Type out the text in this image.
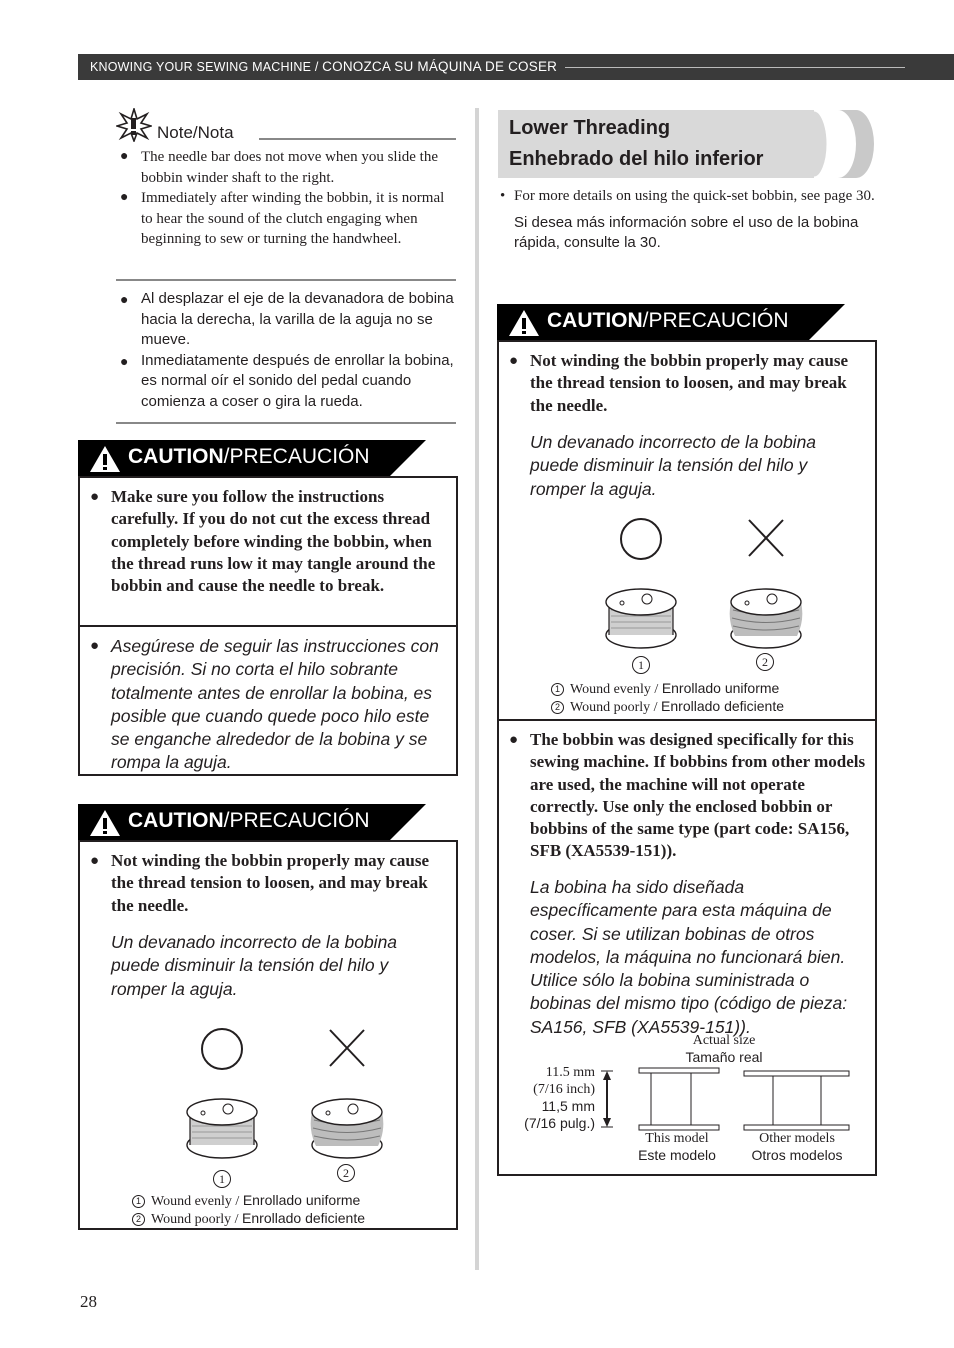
KNOWING YOUR SEWING MACHINE / CONOZCA SU MÁQUINA DE COSER
Note/Nota
● The needle bar does not move when you slide the bobbin winder shaft to the right.
● Immediately after winding the bobbin, it is normal to hear the sound of the clutch engaging when beginning to sew or turning the handwheel.
● Al desplazar el eje de la devanadora de bobina hacia la derecha, la varilla de la aguja no se mueve.
● Inmediatamente después de enrollar la bobina, es normal oír el sonido del pedal cuando comienza a coser o gira la rueda.
CAUTION/PRECAUCIÓN
● Make sure you follow the instructions carefully. If you do not cut the excess thread completely before winding the bobbin, when the thread runs low it may tangle around the bobbin and cause the needle to break.
● Asegúrese de seguir las instrucciones con precisión. Si no corta el hilo sobrante totalmente antes de enrollar la bobina, es posible que cuando quede poco hilo este se enganche alrededor de la bobina y se rompa la aguja.
CAUTION/PRECAUCIÓN
● Not winding the bobbin properly may cause the thread tension to loosen, and may break the needle.
Un devanado incorrecto de la bobina puede disminuir la tensión del hilo y romper la aguja.
1	2
1 Wound evenly / Enrollado uniforme
2 Wound poorly / Enrollado deficiente
Lower Threading
Enhebrado del hilo inferior
• For more details on using the quick-set bobbin, see page 30.
Si desea más información sobre el uso de la bobina rápida, consulte la 30.
CAUTION/PRECAUCIÓN
● Not winding the bobbin properly may cause the thread tension to loosen, and may break the needle.
Un devanado incorrecto de la bobina puede disminuir la tensión del hilo y romper la aguja.
1	2
1 Wound evenly / Enrollado uniforme
2 Wound poorly / Enrollado deficiente
● The bobbin was designed specifically for this sewing machine. If bobbins from other models are used, the machine will not operate correctly. Use only the enclosed bobbin or bobbins of the same type (part code: SA156, SFB (XA5539-151)).
La bobina ha sido diseñada específicamente para esta máquina de coser. Si se utilizan bobinas de otros modelos, la máquina no funcionará bien. Utilice sólo la bobina suministrada o bobinas del mismo tipo (código de pieza: SA156, SFB (XA5539-151)).
Actual size
Tamaño real
11.5 mm
(7/16 inch)
11,5 mm
(7/16 pulg.)
This model
Este modelo
Other models
Otros modelos
28
